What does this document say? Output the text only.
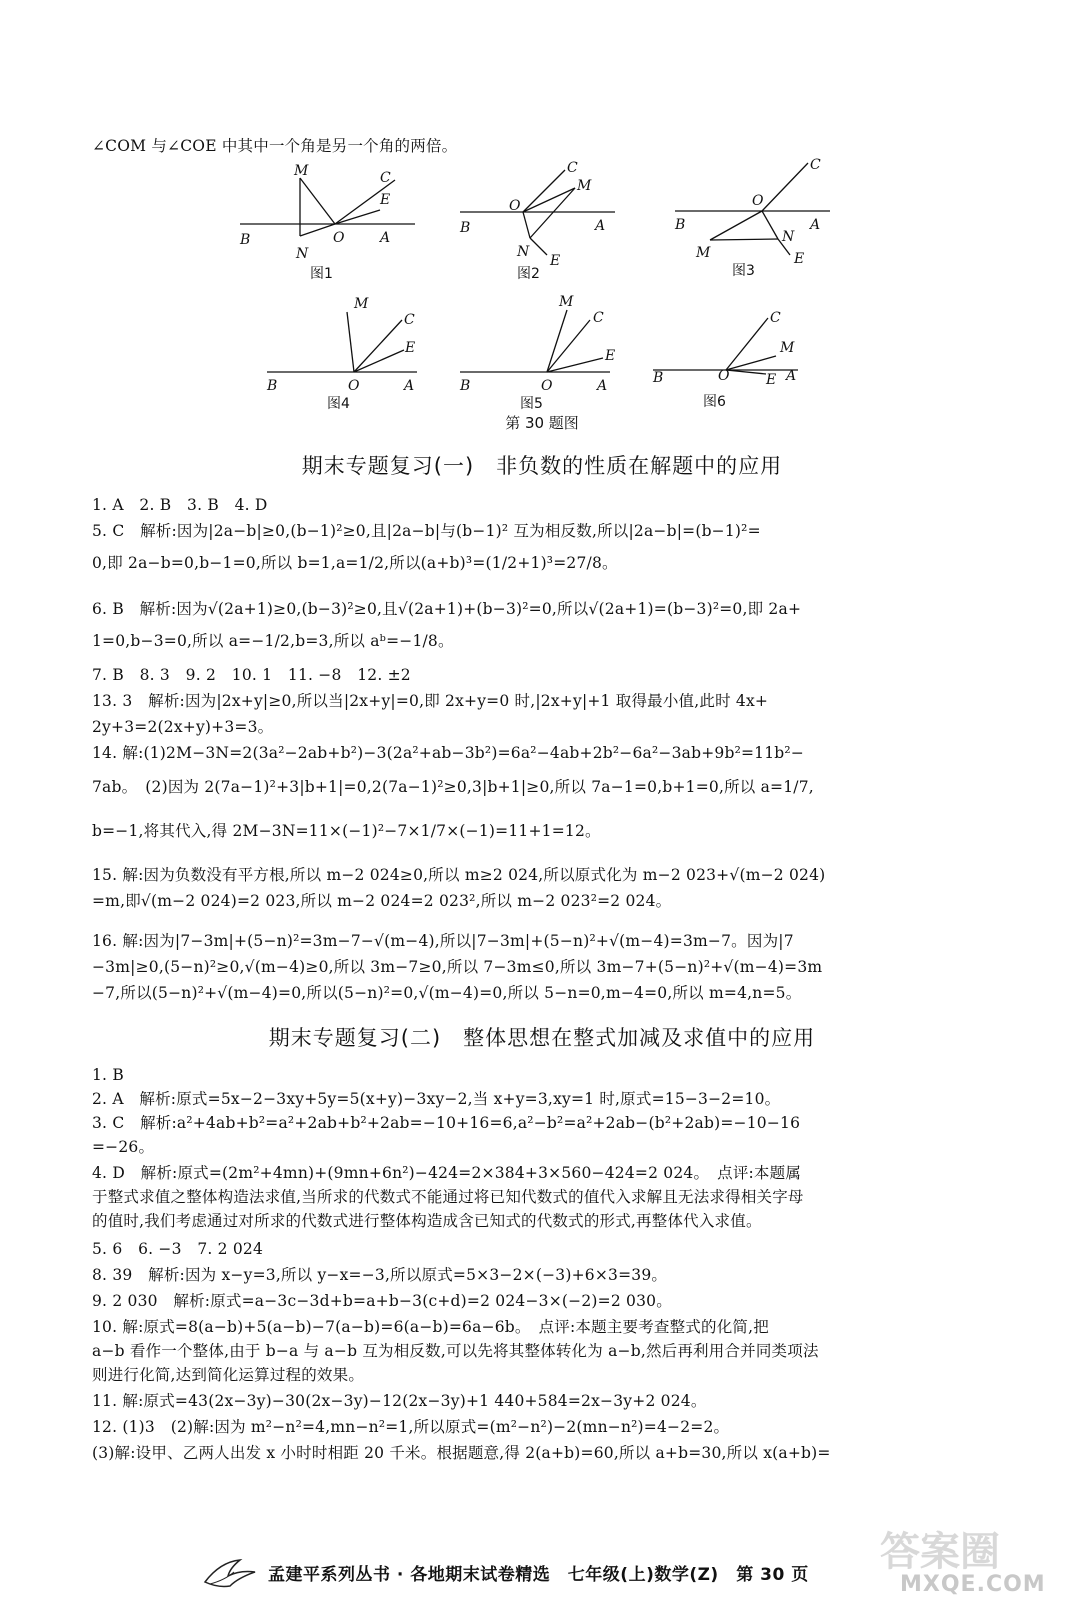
∠COM 与∠COE 中其中一个角是另一个角的两倍。
M	C
E
B	O	A
N
图1
C
M
O
B	A
N
E
图2
C
B
O
A
N
M	E
图3
M
C
E
B	O	A
图4
M
C
E
B	O	A
图5
C
M
B	O	E A
图6
第 30 题图
期末专题复习(一)　非负数的性质在解题中的应用
1. A　2. B　3. B　4. D
5. C　解析:因为|2a−b|≥0,(b−1)²≥0,且|2a−b|与(b−1)² 互为相反数,所以|2a−b|=(b−1)²=
0,即 2a−b=0,b−1=0,所以 b=1,a=1/2,所以(a+b)³=(1/2+1)³=27/8。
6. B　解析:因为√(2a+1)≥0,(b−3)²≥0,且√(2a+1)+(b−3)²=0,所以√(2a+1)=(b−3)²=0,即 2a+
1=0,b−3=0,所以 a=−1/2,b=3,所以 aᵇ=−1/8。
7. B　8. 3　9. 2　10. 1　11. −8　12. ±2
13. 3　解析:因为|2x+y|≥0,所以当|2x+y|=0,即 2x+y=0 时,|2x+y|+1 取得最小值,此时 4x+
2y+3=2(2x+y)+3=3。
14. 解:(1)2M−3N=2(3a²−2ab+b²)−3(2a²+ab−3b²)=6a²−4ab+2b²−6a²−3ab+9b²=11b²−
7ab。　(2)因为 2(7a−1)²+3|b+1|=0,2(7a−1)²≥0,3|b+1|≥0,所以 7a−1=0,b+1=0,所以 a=1/7,
b=−1,将其代入,得 2M−3N=11×(−1)²−7×1/7×(−1)=11+1=12。
15. 解:因为负数没有平方根,所以 m−2 024≥0,所以 m≥2 024,所以原式化为 m−2 023+√(m−2 024)
=m,即√(m−2 024)=2 023,所以 m−2 024=2 023²,所以 m−2 023²=2 024。
16. 解:因为|7−3m|+(5−n)²=3m−7−√(m−4),所以|7−3m|+(5−n)²+√(m−4)=3m−7。因为|7
−3m|≥0,(5−n)²≥0,√(m−4)≥0,所以 3m−7≥0,所以 7−3m≤0,所以 3m−7+(5−n)²+√(m−4)=3m
−7,所以(5−n)²+√(m−4)=0,所以(5−n)²=0,√(m−4)=0,所以 5−n=0,m−4=0,所以 m=4,n=5。
期末专题复习(二)　整体思想在整式加减及求值中的应用
1. B
2. A　解析:原式=5x−2−3xy+5y=5(x+y)−3xy−2,当 x+y=3,xy=1 时,原式=15−3−2=10。
3. C　解析:a²+4ab+b²=a²+2ab+b²+2ab=−10+16=6,a²−b²=a²+2ab−(b²+2ab)=−10−16
=−26。
4. D　解析:原式=(2m²+4mn)+(9mn+6n²)−424=2×384+3×560−424=2 024。　点评:本题属
于整式求值之整体构造法求值,当所求的代数式不能通过将已知代数式的值代入求解且无法求得相关字母
的值时,我们考虑通过对所求的代数式进行整体构造成含已知式的代数式的形式,再整体代入求值。
5. 6　6. −3　7. 2 024
8. 39　解析:因为 x−y=3,所以 y−x=−3,所以原式=5×3−2×(−3)+6×3=39。
9. 2 030　解析:原式=a−3c−3d+b=a+b−3(c+d)=2 024−3×(−2)=2 030。
10. 解:原式=8(a−b)+5(a−b)−7(a−b)=6(a−b)=6a−6b。　点评:本题主要考查整式的化简,把
a−b 看作一个整体,由于 b−a 与 a−b 互为相反数,可以先将其整体转化为 a−b,然后再利用合并同类项法
则进行化简,达到简化运算过程的效果。
11. 解:原式=43(2x−3y)−30(2x−3y)−12(2x−3y)+1 440+584=2x−3y+2 024。
12. (1)3　(2)解:因为 m²−n²=4,mn−n²=1,所以原式=(m²−n²)−2(mn−n²)=4−2=2。
(3)解:设甲、乙两人出发 x 小时时相距 20 千米。根据题意,得 2(a+b)=60,所以 a+b=30,所以 x(a+b)=
孟建平系列丛书 · 各地期末试卷精选　七年级(上)数学(Z)　第 30 页 答案圈
MXQE.COM
